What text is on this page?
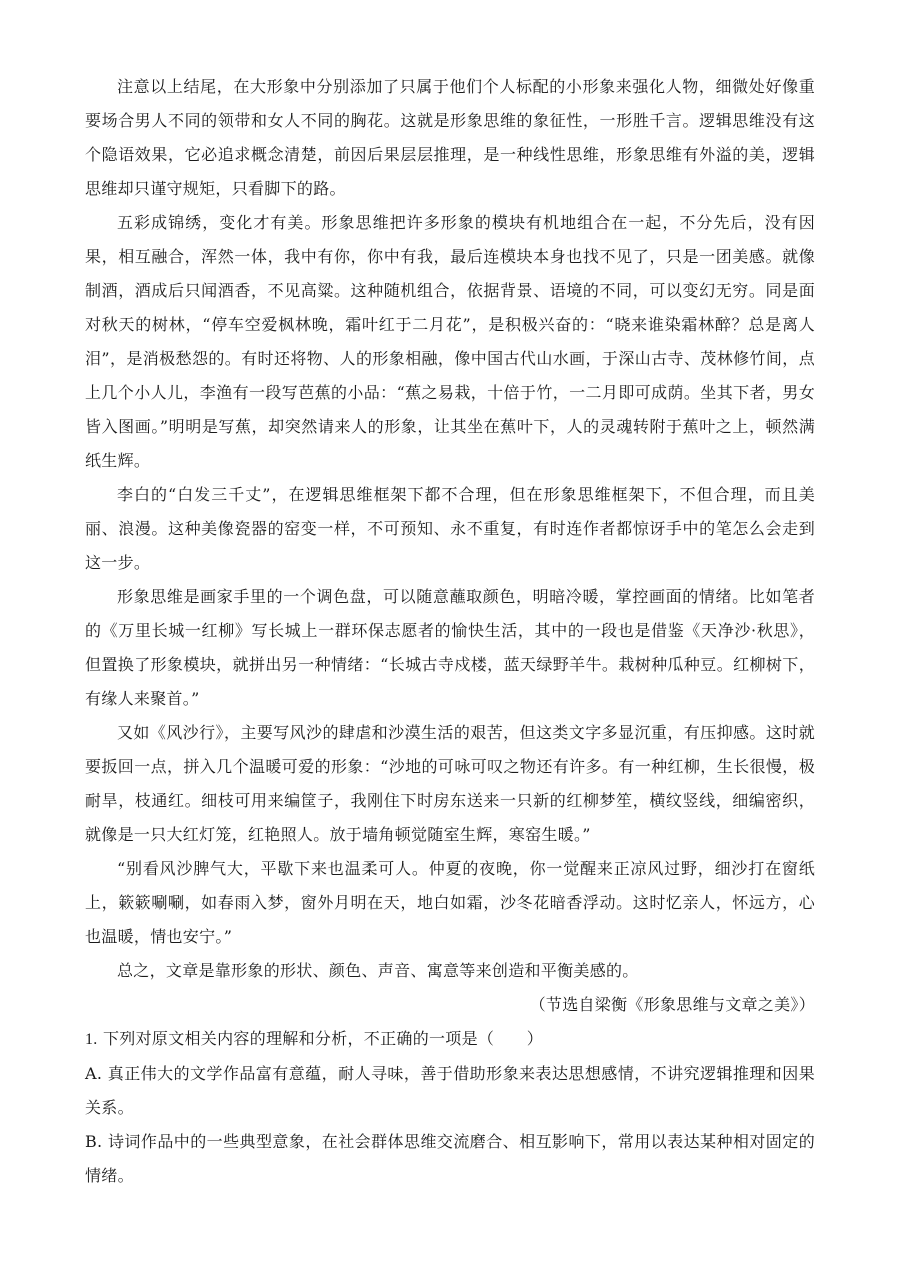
注意以上结尾，在大形象中分别添加了只属于他们个人标配的小形象来强化人物，细微处好像重要场合男人不同的领带和女人不同的胸花。这就是形象思维的象征性，一形胜千言。逻辑思维没有这个隐语效果，它必追求概念清楚，前因后果层层推理，是一种线性思维，形象思维有外溢的美，逻辑思维却只谨守规矩，只看脚下的路。

五彩成锦绣，变化才有美。形象思维把许多形象的模块有机地组合在一起，不分先后，没有因果，相互融合，浑然一体，我中有你，你中有我，最后连模块本身也找不见了，只是一团美感。就像制酒，酒成后只闻酒香，不见高粱。这种随机组合，依据背景、语境的不同，可以变幻无穷。同是面对秋天的树林，“停车空爱枫林晚，霜叶红于二月花”，是积极兴奋的：“晓来谁染霜林醉？总是离人泪”，是消极愁怨的。有时还将物、人的形象相融，像中国古代山水画，于深山古寺、茂林修竹间，点上几个小人儿，李渔有一段写芭蕉的小品：“蕉之易栽，十倍于竹，一二月即可成荫。坐其下者，男女皆入图画。”明明是写蕉，却突然请来人的形象，让其坐在蕉叶下，人的灵魂转附于蕉叶之上，顿然满纸生辉。

李白的“白发三千丈”，在逻辑思维框架下都不合理，但在形象思维框架下，不但合理，而且美丽、浪漫。这种美像瓷器的窑变一样，不可预知、永不重复，有时连作者都惊讶手中的笔怎么会走到这一步。

形象思维是画家手里的一个调色盘，可以随意蘸取颜色，明暗冷暖，掌控画面的情绪。比如笔者的《万里长城一红柳》写长城上一群环保志愿者的愉快生活，其中的一段也是借鉴《天净沙·秋思》，但置换了形象模块，就拼出另一种情绪：“长城古寺戍楼，蓝天绿野羊牛。栽树种瓜种豆。红柳树下，有缘人来聚首。”

又如《风沙行》，主要写风沙的肆虐和沙漠生活的艰苦，但这类文字多显沉重，有压抑感。这时就要扳回一点，拼入几个温暖可爱的形象：“沙地的可咏可叹之物还有许多。有一种红柳，生长很慢，极耐旱，枝通红。细枝可用来编筐子，我刚住下时房东送来一只新的红柳梦笙，横纹竖线，细编密织，就像是一只大红灯笼，红艳照人。放于墙角顿觉随室生辉，寒窑生暖。”

“别看风沙脾气大，平歇下来也温柔可人。仲夏的夜晚，你一觉醒来正凉风过野，细沙打在窗纸上，簌簌唰唰，如春雨入梦，窗外月明在天，地白如霜，沙冬花暗香浮动。这时忆亲人，怀远方，心也温暖，情也安宁。”

总之，文章是靠形象的形状、颜色、声音、寓意等来创造和平衡美感的。

（节选自梁衡《形象思维与文章之美》）

1. 下列对原文相关内容的理解和分析，不正确的一项是（　　）

A. 真正伟大的文学作品富有意蕴，耐人寻味，善于借助形象来表达思想感情，不讲究逻辑推理和因果关系。

B. 诗词作品中的一些典型意象，在社会群体思维交流磨合、相互影响下，常用以表达某种相对固定的情绪。
